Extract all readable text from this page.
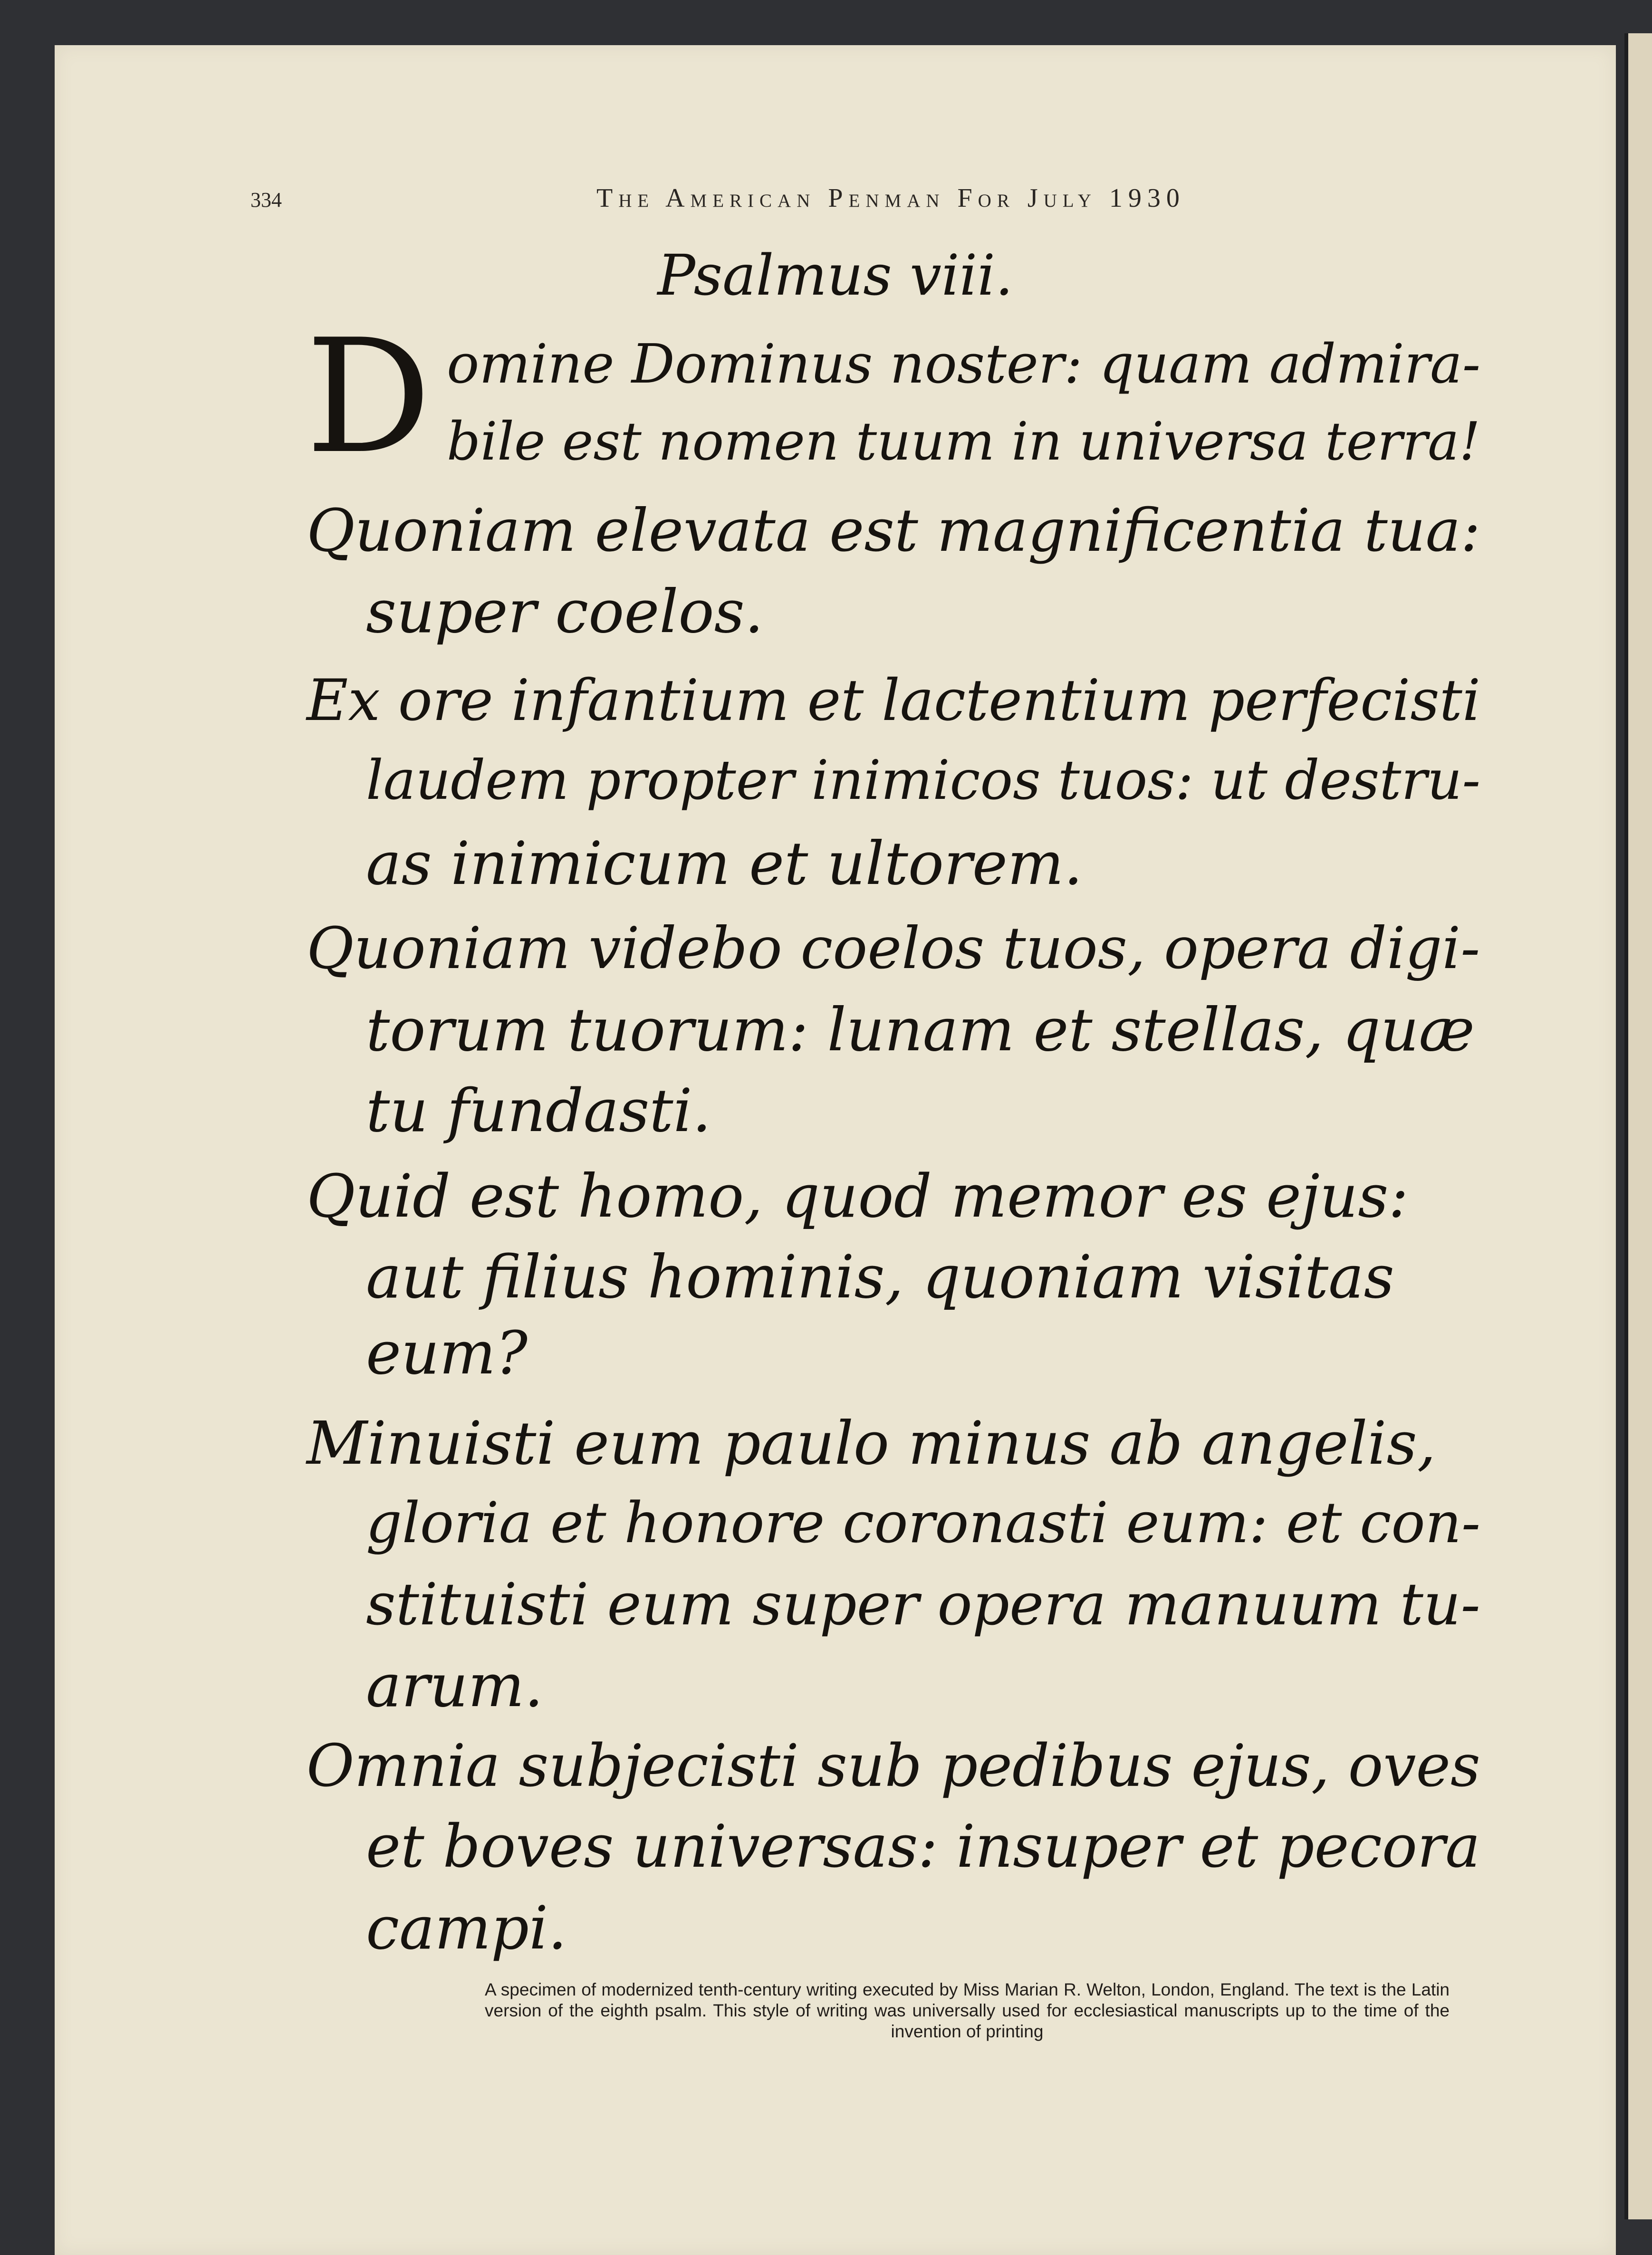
334	The American Penman For July 1930
Psalmus viii.
D omine Dominus noster: quam admira-
bile est nomen tuum in universa terra!
Quoniam elevata est magnificentia tua:
super coelos.
Ex ore infantium et lactentium perfecisti
laudem propter inimicos tuos: ut destru-
as inimicum et ultorem.
Quoniam videbo coelos tuos, opera digi-
torum tuorum: lunam et stellas, quæ
tu fundasti.
Quid est homo, quod memor es ejus:
aut filius hominis, quoniam visitas
eum?
Minuisti eum paulo minus ab angelis,
gloria et honore coronasti eum: et con-
stituisti eum super opera manuum tu-
arum.
Omnia subjecisti sub pedibus ejus, oves
et boves universas: insuper et pecora
campi.
A specimen of modernized tenth-century writing executed by Miss Marian R. Welton, London, England. The text is the Latin version of the eighth psalm. This style of writing was universally used for ecclesiastical manuscripts up to the time of the invention of printing
